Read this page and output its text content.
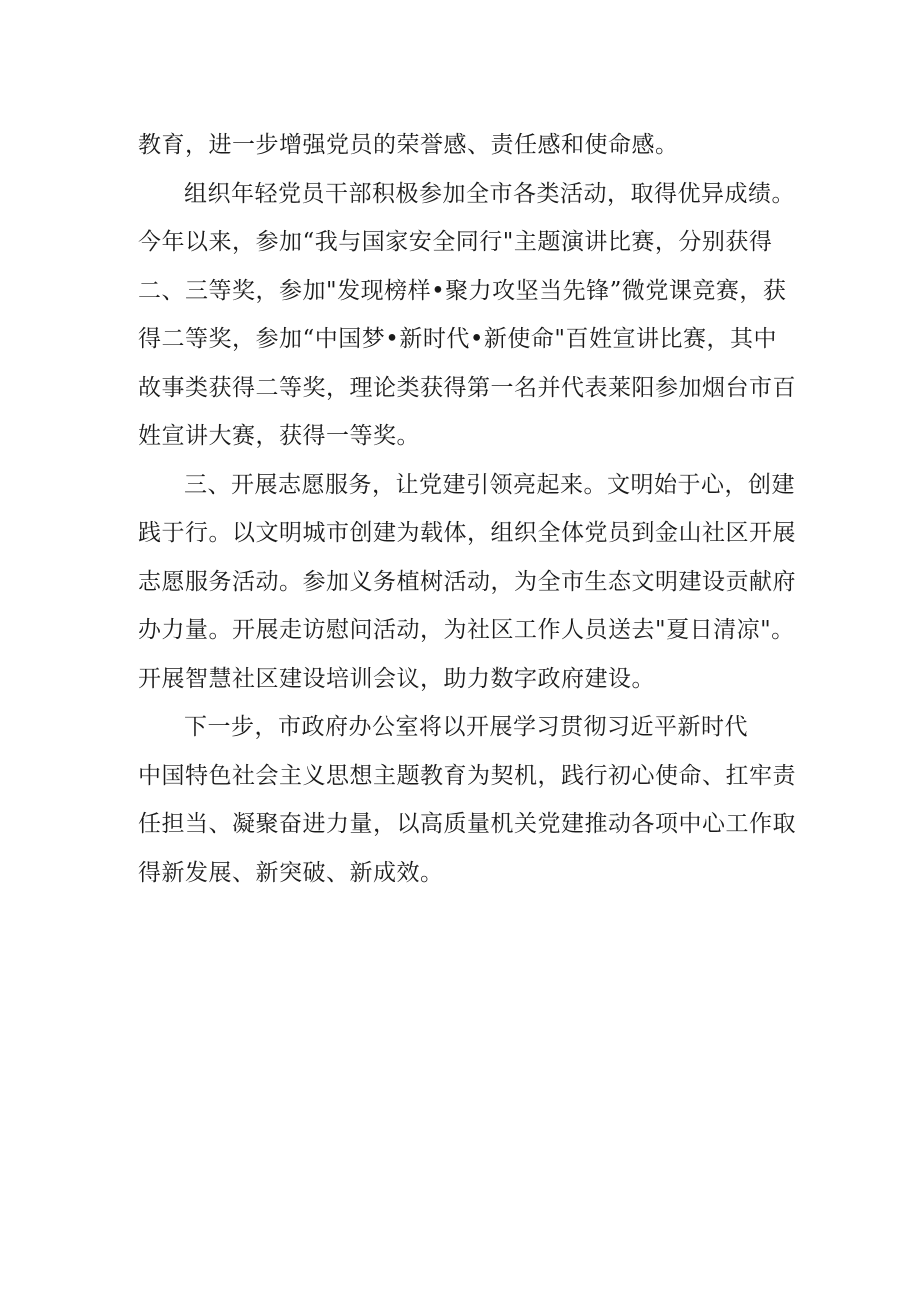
教育，进一步增强党员的荣誉感、责任感和使命感。
组织年轻党员干部积极参加全市各类活动，取得优异成绩。
今年以来，参加“我与国家安全同行"主题演讲比赛，分别获得
二、三等奖，参加"发现榜样•聚力攻坚当先锋”微党课竞赛，获
得二等奖，参加“中国梦•新时代•新使命"百姓宣讲比赛，其中
故事类获得二等奖，理论类获得第一名并代表莱阳参加烟台市百
姓宣讲大赛，获得一等奖。
三、开展志愿服务，让党建引领亮起来。文明始于心，创建
践于行。以文明城市创建为载体，组织全体党员到金山社区开展
志愿服务活动。参加义务植树活动，为全市生态文明建设贡献府
办力量。开展走访慰问活动，为社区工作人员送去"夏日清凉"。
开展智慧社区建设培训会议，助力数字政府建设。
下一步，市政府办公室将以开展学习贯彻习近平新时代
中国特色社会主义思想主题教育为契机，践行初心使命、扛牢责
任担当、凝聚奋进力量，以高质量机关党建推动各项中心工作取
得新发展、新突破、新成效。
